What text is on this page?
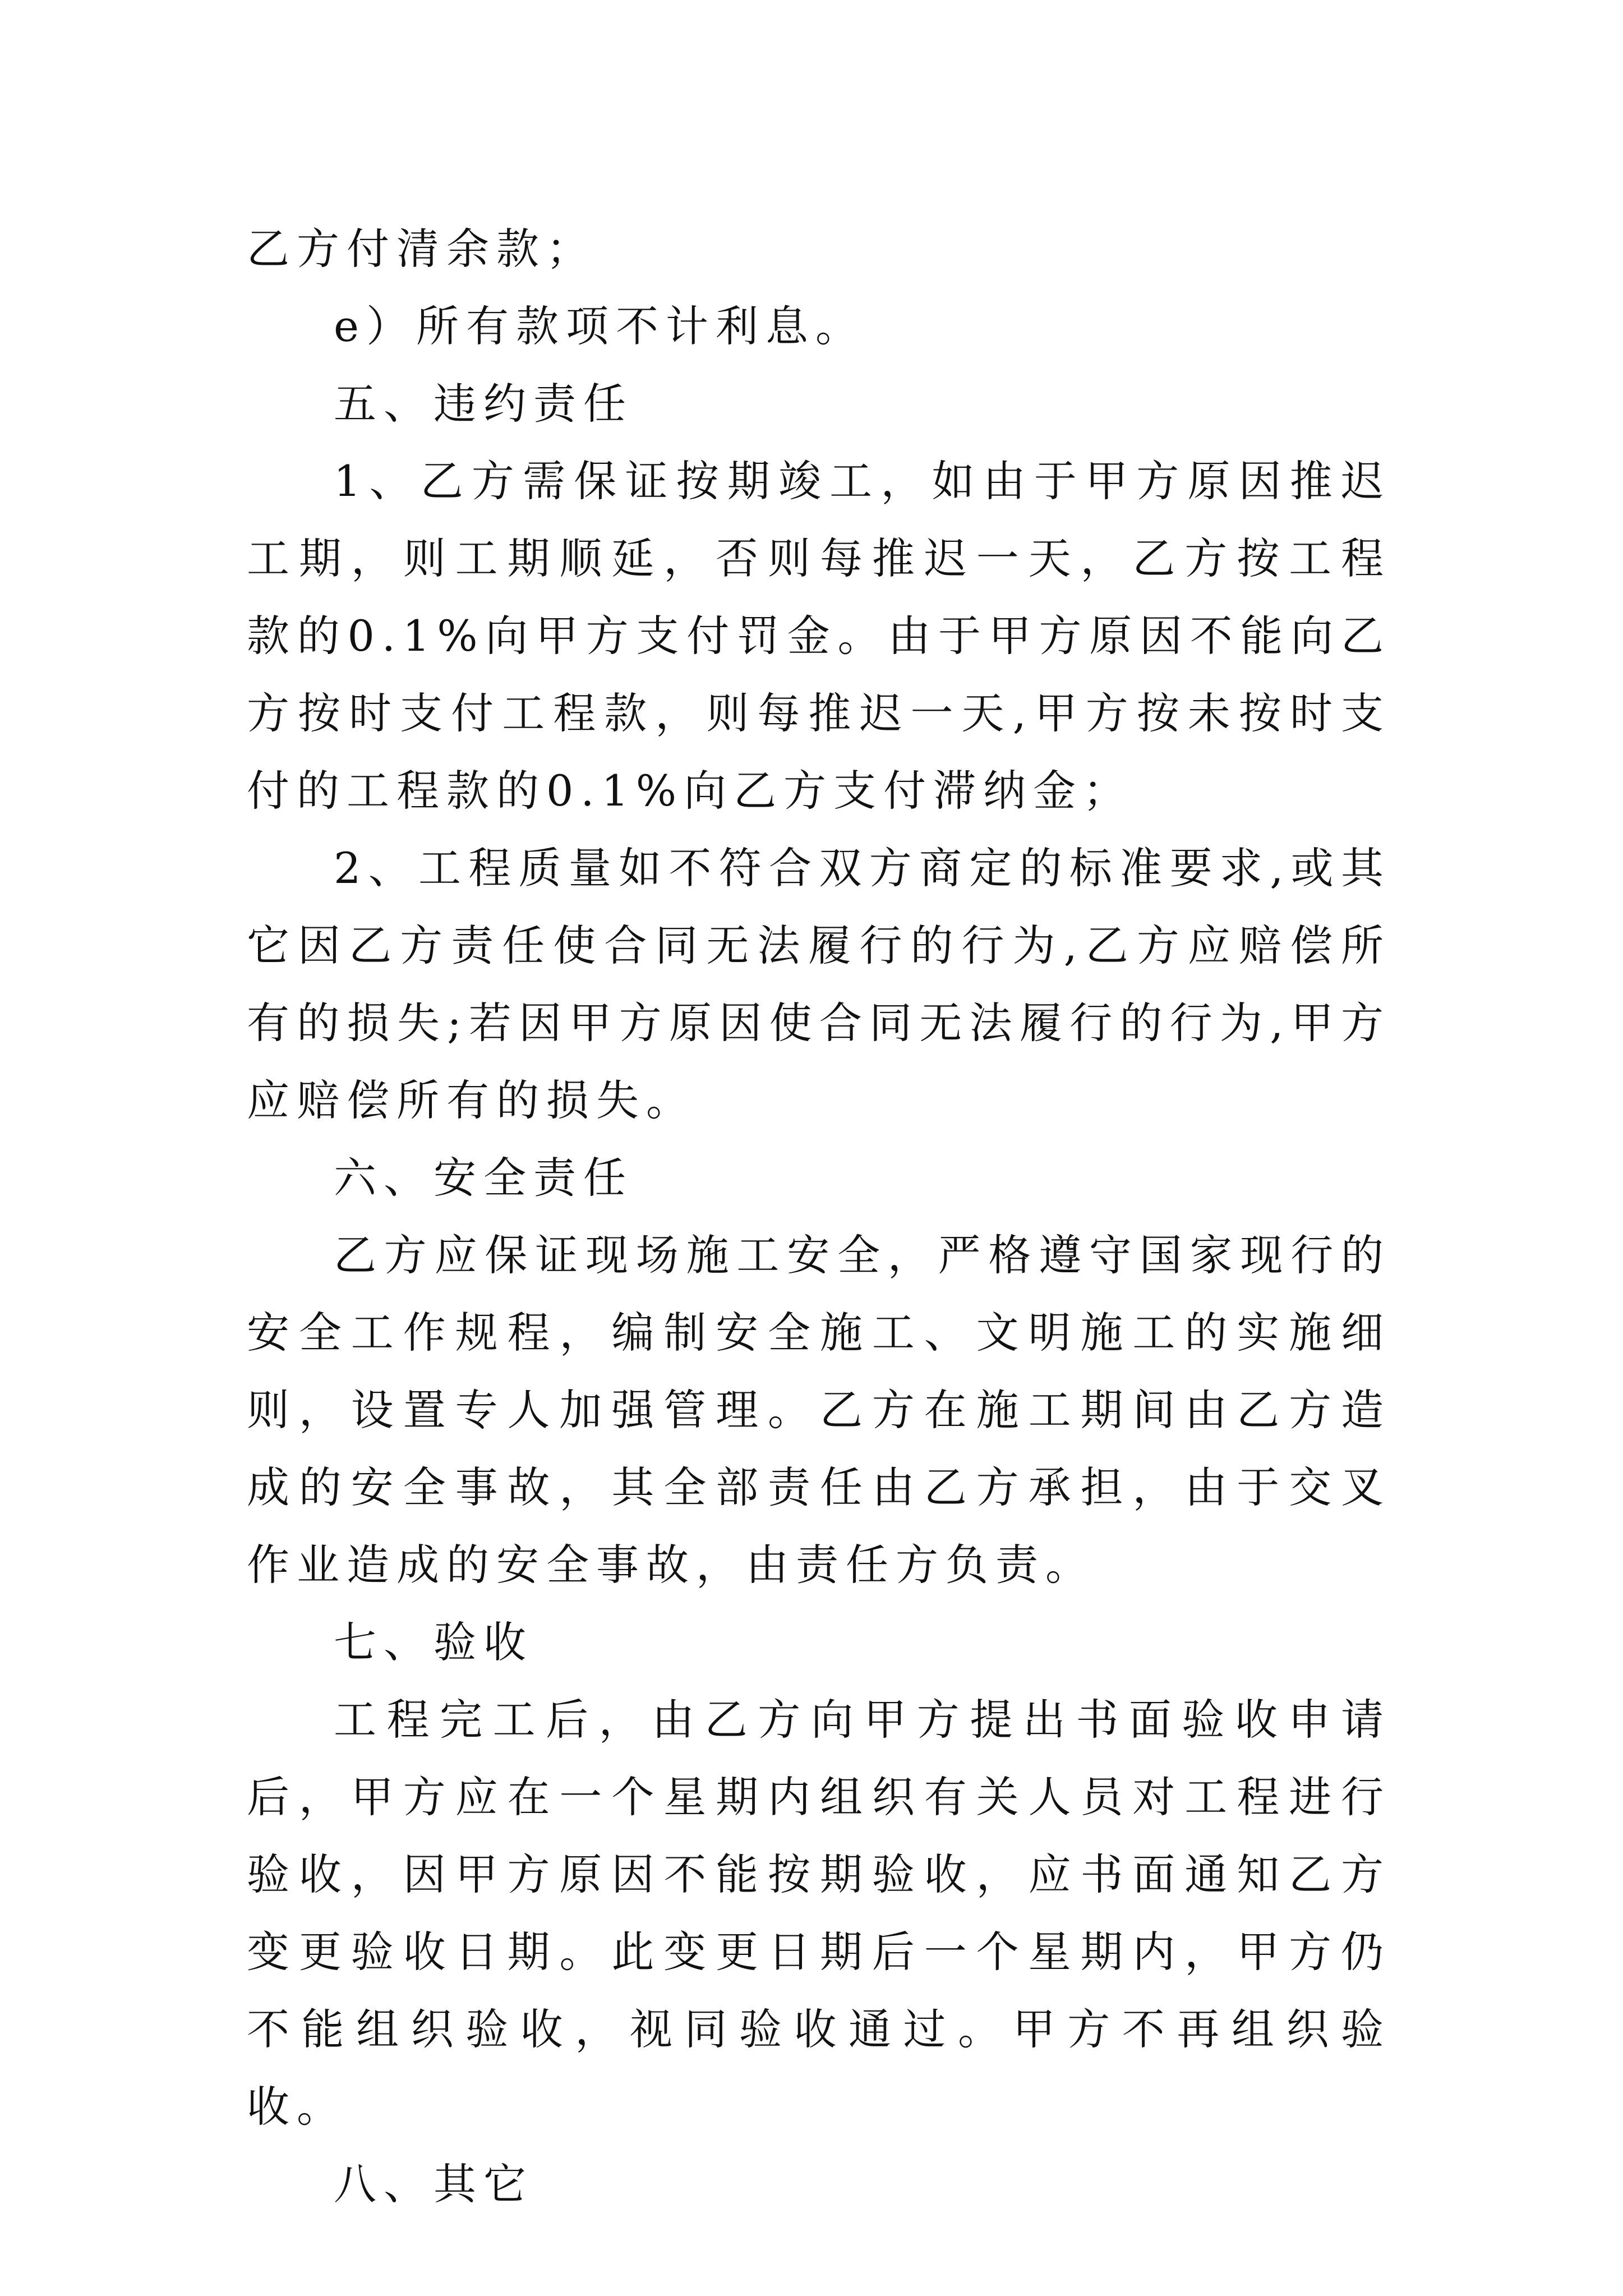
乙方付清余款；

e）所有款项不计利息。

五、违约责任

1、乙方需保证按期竣工，如由于甲方原因推迟工期，则工期顺延，否则每推迟一天，乙方按工程款的0.1%向甲方支付罚金。由于甲方原因不能向乙方按时支付工程款，则每推迟一天,甲方按未按时支付的工程款的0.1%向乙方支付滞纳金；

2、工程质量如不符合双方商定的标准要求,或其它因乙方责任使合同无法履行的行为,乙方应赔偿所有的损失;若因甲方原因使合同无法履行的行为,甲方应赔偿所有的损失。

六、安全责任

乙方应保证现场施工安全，严格遵守国家现行的安全工作规程，编制安全施工、文明施工的实施细则，设置专人加强管理。乙方在施工期间由乙方造成的安全事故，其全部责任由乙方承担，由于交叉作业造成的安全事故，由责任方负责。

七、验收

工程完工后，由乙方向甲方提出书面验收申请后，甲方应在一个星期内组织有关人员对工程进行验收，因甲方原因不能按期验收，应书面通知乙方变更验收日期。此变更日期后一个星期内，甲方仍不能组织验收，视同验收通过。甲方不再组织验收。

八、其它
